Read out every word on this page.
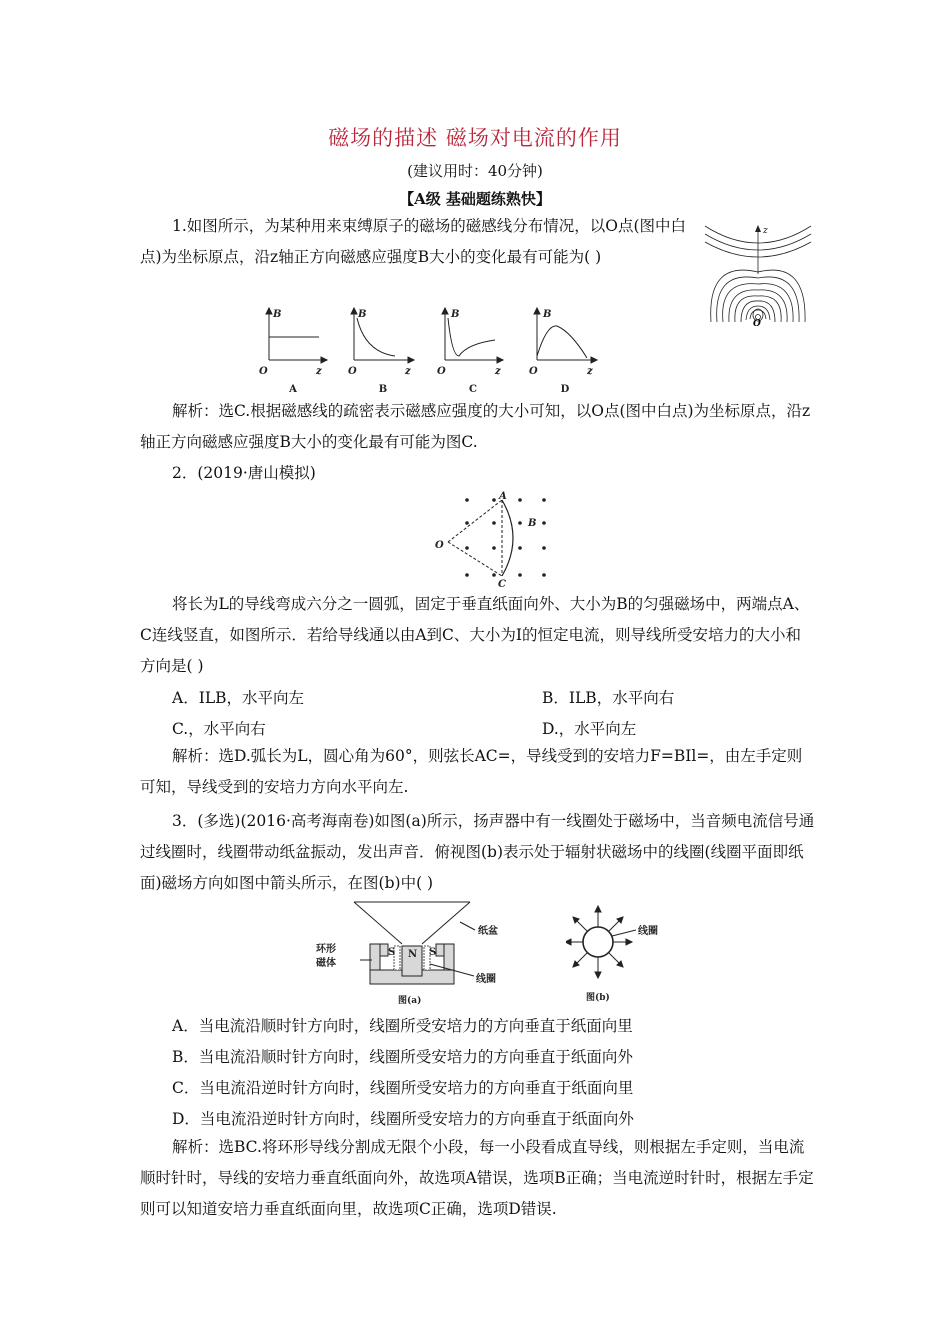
磁场的描述 磁场对电流的作用
(建议用时：40分钟)
【A级 基础题练熟快】

1.如图所示，为某种用来束缚原子的磁场的磁感线分布情况，以O点(图中白点)为坐标原点，沿z轴正方向磁感应强度B大小的变化最有可能为( )

z
O
B
O	z
B
O	z
B
O	z
B
O	z
A	B	C	D

解析：选C.根据磁感线的疏密表示磁感应强度的大小可知，以O点(图中白点)为坐标原点，沿z轴正方向磁感应强度B大小的变化最有可能为图C.

2．(2019·唐山模拟)
A
B
C
O

将长为L的导线弯成六分之一圆弧，固定于垂直纸面向外、大小为B的匀强磁场中，两端点A、C连线竖直，如图所示．若给导线通以由A到C、大小为I的恒定电流，则导线所受安培力的大小和方向是( )

A．ILB，水平向左	B．ILB，水平向右
C.，水平向右	D.，水平向左

解析：选D.弧长为L，圆心角为60°，则弦长AC=，导线受到的安培力F=BIl=，由左手定则可知，导线受到的安培力方向水平向左.

3．(多选)(2016·高考海南卷)如图(a)所示，扬声器中有一线圈处于磁场中，当音频电流信号通过线圈时，线圈带动纸盆振动，发出声音．俯视图(b)表示处于辐射状磁场中的线圈(线圈平面即纸面)磁场方向如图中箭头所示，在图(b)中( )

S N S
纸盆
环形
磁体
线圈
图(a)
线圈
图(b)
A．当电流沿顺时针方向时，线圈所受安培力的方向垂直于纸面向里
B．当电流沿顺时针方向时，线圈所受安培力的方向垂直于纸面向外
C．当电流沿逆时针方向时，线圈所受安培力的方向垂直于纸面向里
D．当电流沿逆时针方向时，线圈所受安培力的方向垂直于纸面向外

解析：选BC.将环形导线分割成无限个小段，每一小段看成直导线，则根据左手定则，当电流顺时针时，导线的安培力垂直纸面向外，故选项A错误，选项B正确；当电流逆时针时，根据左手定则可以知道安培力垂直纸面向里，故选项C正确，选项D错误.
